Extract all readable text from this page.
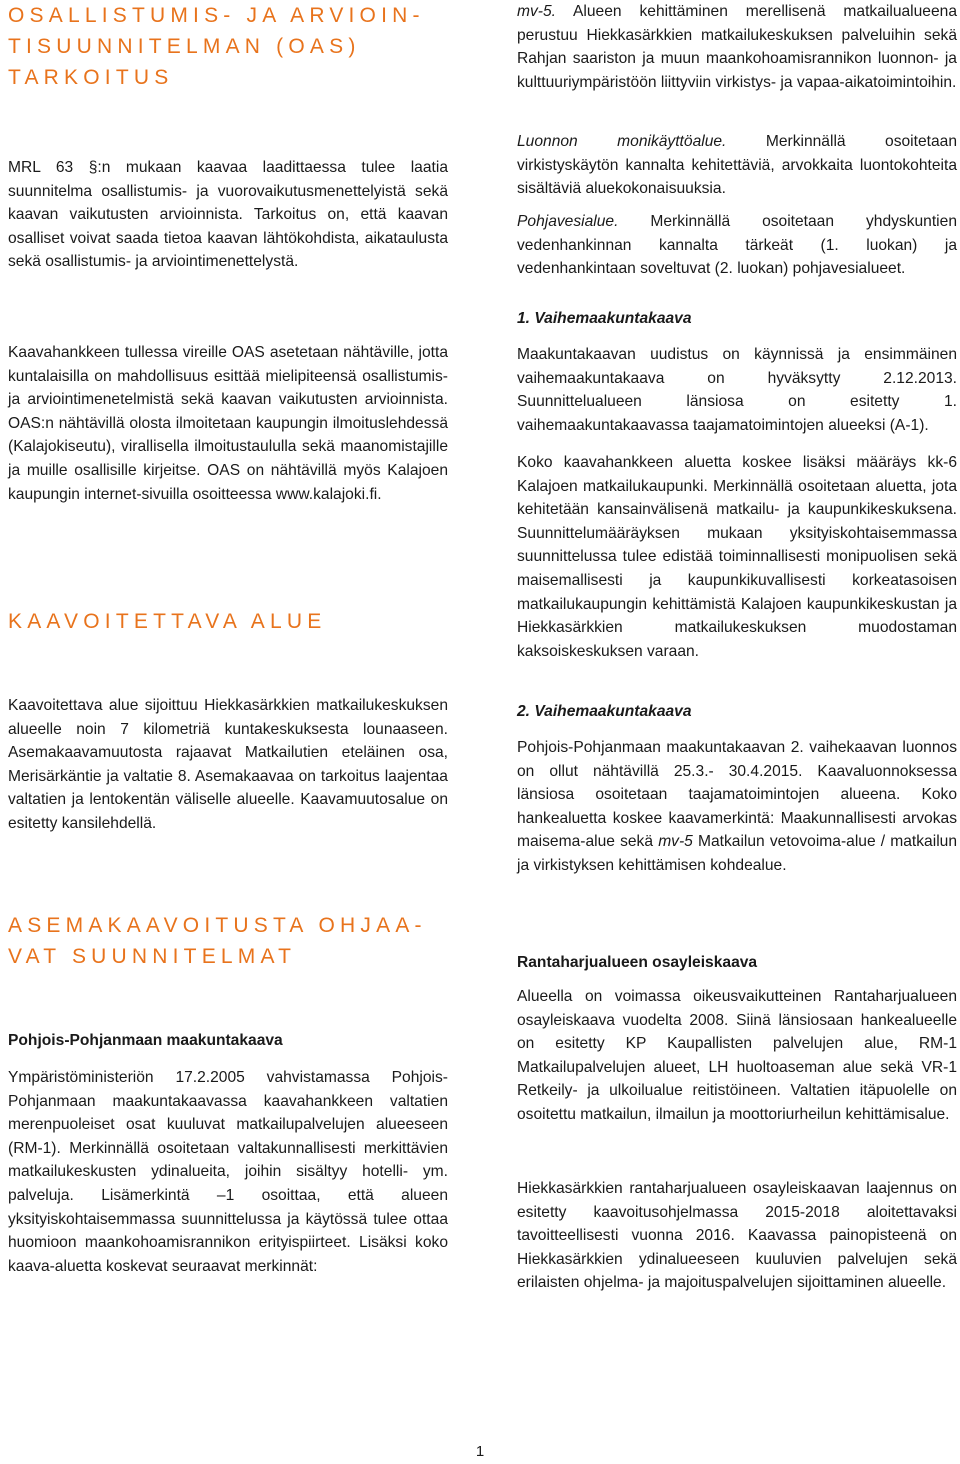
OSALLISTUMIS- JA ARVIOIN-
TISUUNNITELMAN (OAS)
TARKOITUS

MRL 63 §:n mukaan kaavaa laadittaessa tulee laatia suunnitelma osallistumis- ja vuorovaikutusmenettelyistä sekä kaavan vaikutusten arvioinnista. Tarkoitus on, että kaavan osalliset voivat saada tietoa kaavan lähtökohdista, aikataulusta sekä osallistumis- ja arviointimenettelystä.

Kaavahankkeen tullessa vireille OAS asetetaan nähtäville, jotta kuntalaisilla on mahdollisuus esittää mielipiteensä osallistumis- ja arviointimenetelmistä sekä kaavan vaikutusten arvioinnista. OAS:n nähtävillä olosta ilmoitetaan kaupungin ilmoituslehdessä (Kalajokiseutu), virallisella ilmoitustaululla sekä maanomistajille ja muille osallisille kirjeitse. OAS on nähtävillä myös Kalajoen kaupungin internet-sivuilla osoitteessa www.kalajoki.fi.

KAAVOITETTAVA ALUE

Kaavoitettava alue sijoittuu Hiekkasärkkien matkailukeskuksen alueelle noin 7 kilometriä kuntakeskuksesta lounaaseen. Asemakaavamuutosta rajaavat Matkailutien eteläinen osa, Merisärkäntie ja valtatie 8. Asemakaavaa on tarkoitus laajentaa valtatien ja lentokentän väliselle alueelle. Kaavamuutosalue on esitetty kansilehdellä.

ASEMAKAAVOITUSTA OHJAA-
VAT SUUNNITELMAT
Pohjois-Pohjanmaan maakuntakaava

Ympäristöministeriön 17.2.2005 vahvistamassa Pohjois-Pohjanmaan maakuntakaavassa kaavahankkeen valtatien merenpuoleiset osat kuuluvat matkailupalvelujen alueeseen (RM-1). Merkinnällä osoitetaan valtakunnallisesti merkittävien matkailukeskusten ydinalueita, joihin sisältyy hotelli- ym. palveluja. Lisämerkintä –1 osoittaa, että alueen yksityiskohtaisemmassa suunnittelussa ja käytössä tulee ottaa huomioon maankohoamisrannikon erityispiirteet. Lisäksi koko kaava-aluetta koskevat seuraavat merkinnät:

mv-5. Alueen kehittäminen merellisenä matkailualueena perustuu Hiekkasärkkien matkailukeskuksen palveluihin sekä Rahjan saariston ja muun maankohoamisrannikon luonnon- ja kulttuuriympäristöön liittyviin virkistys- ja vapaa-aikatoimintoihin.

Luonnon monikäyttöalue. Merkinnällä osoitetaan virkistyskäytön kannalta kehitettäviä, arvokkaita luontokohteita sisältäviä aluekokonaisuuksia.

Pohjavesialue. Merkinnällä osoitetaan yhdyskuntien vedenhankinnan kannalta tärkeät (1. luokan) ja vedenhankintaan soveltuvat (2. luokan) pohjavesialueet.

1. Vaihemaakuntakaava

Maakuntakaavan uudistus on käynnissä ja ensimmäinen vaihemaakuntakaava on hyväksytty 2.12.2013. Suunnittelualueen länsiosa on esitetty 1. vaihemaakuntakaavassa taajamatoimintojen alueeksi (A-1).

Koko kaavahankkeen aluetta koskee lisäksi määräys kk-6 Kalajoen matkailukaupunki. Merkinnällä osoitetaan aluetta, jota kehitetään kansainvälisenä matkailu- ja kaupunkikeskuksena. Suunnittelumääräyksen mukaan yksityiskohtaisemmassa suunnittelussa tulee edistää toiminnallisesti monipuolisen sekä maisemallisesti ja kaupunkikuvallisesti korkeatasoisen matkailukaupungin kehittämistä Kalajoen kaupunkikeskustan ja Hiekkasärkkien matkailukeskuksen muodostaman kaksoiskeskuksen varaan.

2. Vaihemaakuntakaava

Pohjois-Pohjanmaan maakuntakaavan 2. vaihekaavan luonnos on ollut nähtävillä 25.3.- 30.4.2015. Kaavaluonnoksessa länsiosa osoitetaan taajamatoimintojen alueena. Koko hankealuetta koskee kaavamerkintä: Maakunnallisesti arvokas maisema-alue sekä mv-5 Matkailun vetovoima-alue / matkailun ja virkistyksen kehittämisen kohdealue.

Rantaharjualueen osayleiskaava

Alueella on voimassa oikeusvaikutteinen Rantaharjualueen osayleiskaava vuodelta 2008. Siinä länsiosaan hankealueelle on esitetty KP Kaupallisten palvelujen alue, RM-1 Matkailupalvelujen alueet, LH huoltoaseman alue sekä VR-1 Retkeily- ja ulkoilualue reitistöineen. Valtatien itäpuolelle on osoitettu matkailun, ilmailun ja moottoriurheilun kehittämisalue.

Hiekkasärkkien rantaharjualueen osayleiskaavan laajennus on esitetty kaavoitusohjelmassa 2015-2018 aloitettavaksi tavoitteellisesti vuonna 2016. Kaavassa painopisteenä on Hiekkasärkkien ydinalueeseen kuuluvien palvelujen sekä erilaisten ohjelma- ja majoituspalvelujen sijoittaminen alueelle.

1
